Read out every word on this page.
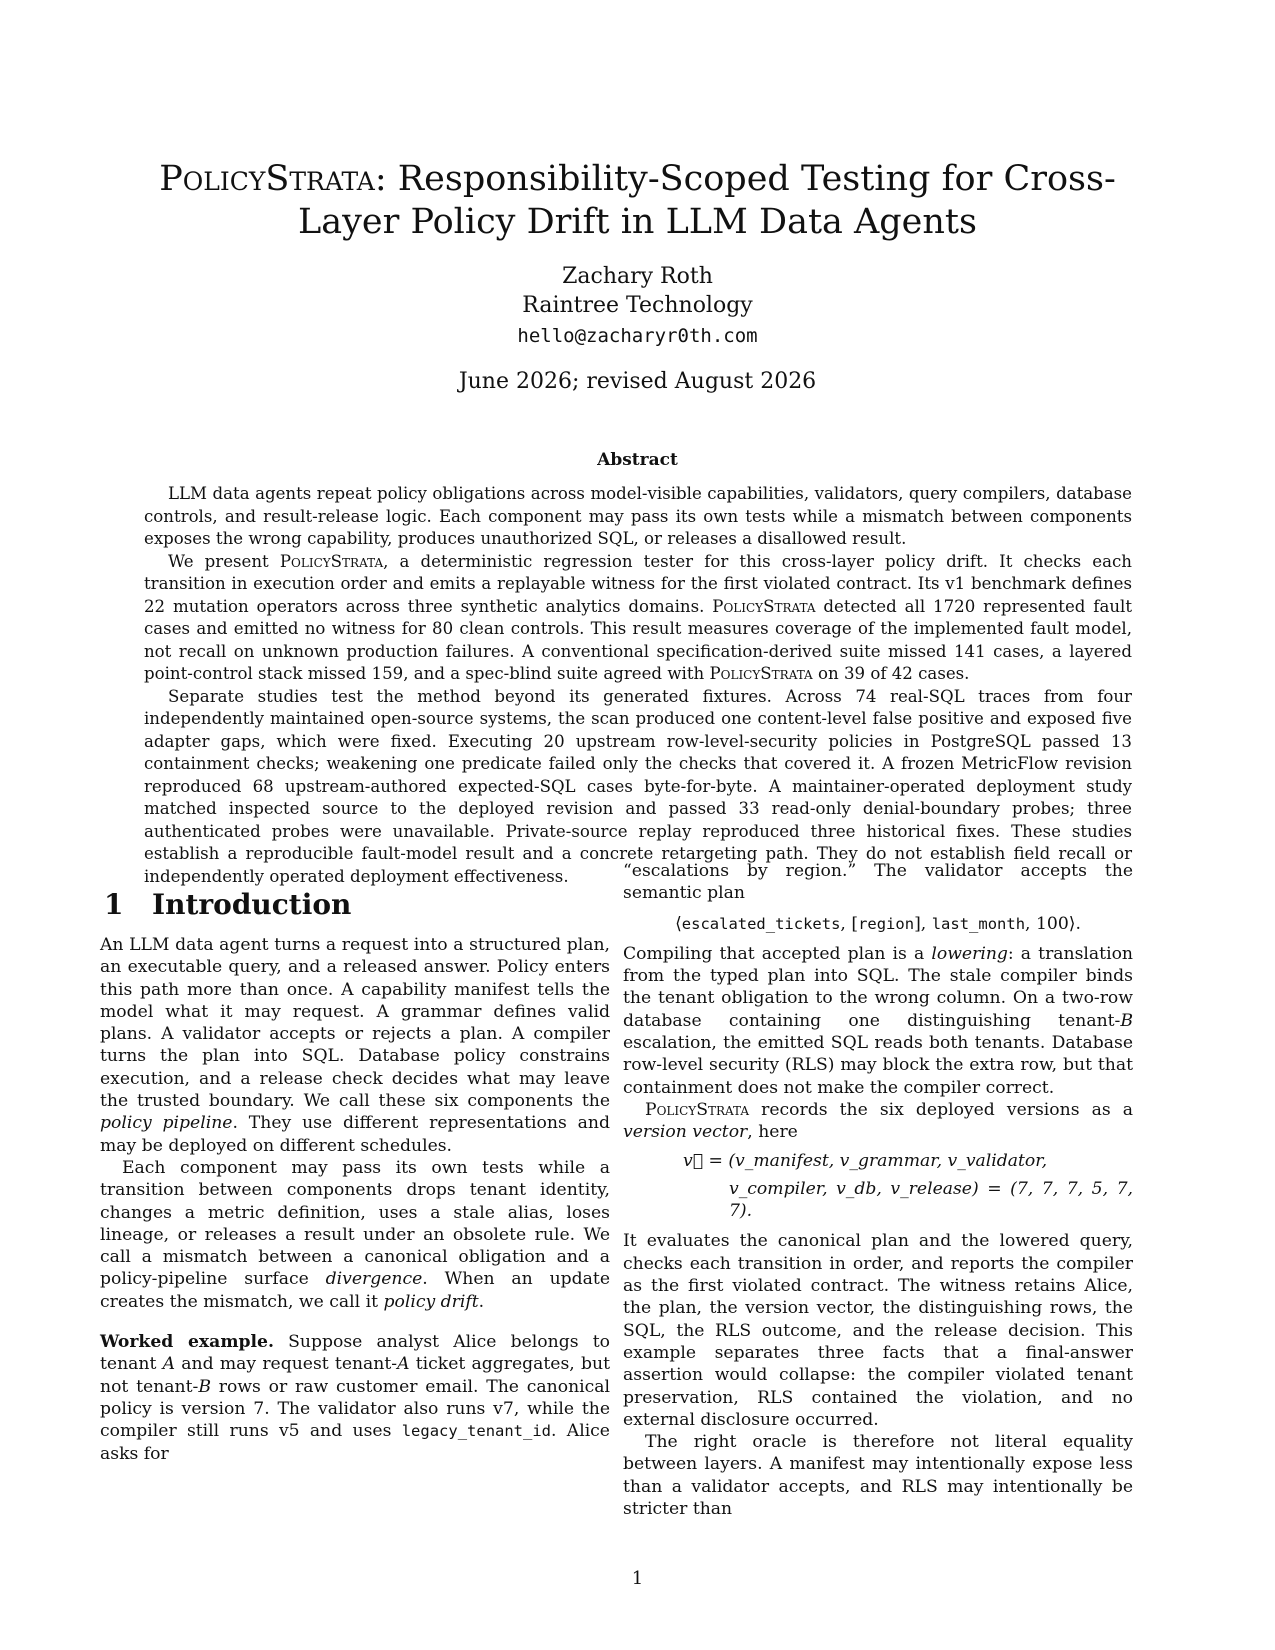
PolicyStrata: Responsibility-Scoped Testing for Cross-Layer Policy Drift in LLM Data Agents
Zachary Roth
Raintree Technology
hello@zacharyr0th.com
June 2026; revised August 2026
Abstract

LLM data agents repeat policy obligations across model-visible capabilities, validators, query compilers, database controls, and result-release logic. Each component may pass its own tests while a mismatch between components exposes the wrong capability, produces unauthorized SQL, or releases a disallowed result.

We present PolicyStrata, a deterministic regression tester for this cross-layer policy drift. It checks each transition in execution order and emits a replayable witness for the first violated contract. Its v1 benchmark defines 22 mutation operators across three synthetic analytics domains. PolicyStrata detected all 1720 represented fault cases and emitted no witness for 80 clean controls. This result measures coverage of the implemented fault model, not recall on unknown production failures. A conventional specification-derived suite missed 141 cases, a layered point-control stack missed 159, and a spec-blind suite agreed with PolicyStrata on 39 of 42 cases.

Separate studies test the method beyond its generated fixtures. Across 74 real-SQL traces from four independently maintained open-source systems, the scan produced one content-level false positive and exposed five adapter gaps, which were fixed. Executing 20 upstream row-level-security policies in PostgreSQL passed 13 containment checks; weakening one predicate failed only the checks that covered it. A frozen MetricFlow revision reproduced 68 upstream-authored expected-SQL cases byte-for-byte. A maintainer-operated deployment study matched inspected source to the deployed revision and passed 33 read-only denial-boundary probes; three authenticated probes were unavailable. Private-source replay reproduced three historical fixes. These studies establish a reproducible fault-model result and a concrete retargeting path. They do not establish field recall or independently operated deployment effectiveness.

1 Introduction

An LLM data agent turns a request into a structured plan, an executable query, and a released answer. Policy enters this path more than once. A capability manifest tells the model what it may request. A grammar defines valid plans. A validator accepts or rejects a plan. A compiler turns the plan into SQL. Database policy constrains execution, and a release check decides what may leave the trusted boundary. We call these six components the policy pipeline. They use different representations and may be deployed on different schedules.

Each component may pass its own tests while a transition between components drops tenant identity, changes a metric definition, uses a stale alias, loses lineage, or releases a result under an obsolete rule. We call a mismatch between a canonical obligation and a policy-pipeline surface divergence. When an update creates the mismatch, we call it policy drift.

Worked example. Suppose analyst Alice belongs to tenant A and may request tenant-A ticket aggregates, but not tenant-B rows or raw customer email. The canonical policy is version 7. The validator also runs v7, while the compiler still runs v5 and uses legacy_tenant_id. Alice asks for

“escalations by region.” The validator accepts the semantic plan

⟨escalated_tickets, [region], last_month, 100⟩.

Compiling that accepted plan is a lowering: a translation from the typed plan into SQL. The stale compiler binds the tenant obligation to the wrong column. On a two-row database containing one distinguishing tenant-B escalation, the emitted SQL reads both tenants. Database row-level security (RLS) may block the extra row, but that containment does not make the compiler correct.

PolicyStrata records the six deployed versions as a version vector, here

v⃗ = (v_manifest, v_grammar, v_validator,
v_compiler, v_db, v_release) = (7, 7, 7, 5, 7, 7).

It evaluates the canonical plan and the lowered query, checks each transition in order, and reports the compiler as the first violated contract. The witness retains Alice, the plan, the version vector, the distinguishing rows, the SQL, the RLS outcome, and the release decision. This example separates three facts that a final-answer assertion would collapse: the compiler violated tenant preservation, RLS contained the violation, and no external disclosure occurred.

The right oracle is therefore not literal equality between layers. A manifest may intentionally expose less than a validator accepts, and RLS may intentionally be stricter than

1
